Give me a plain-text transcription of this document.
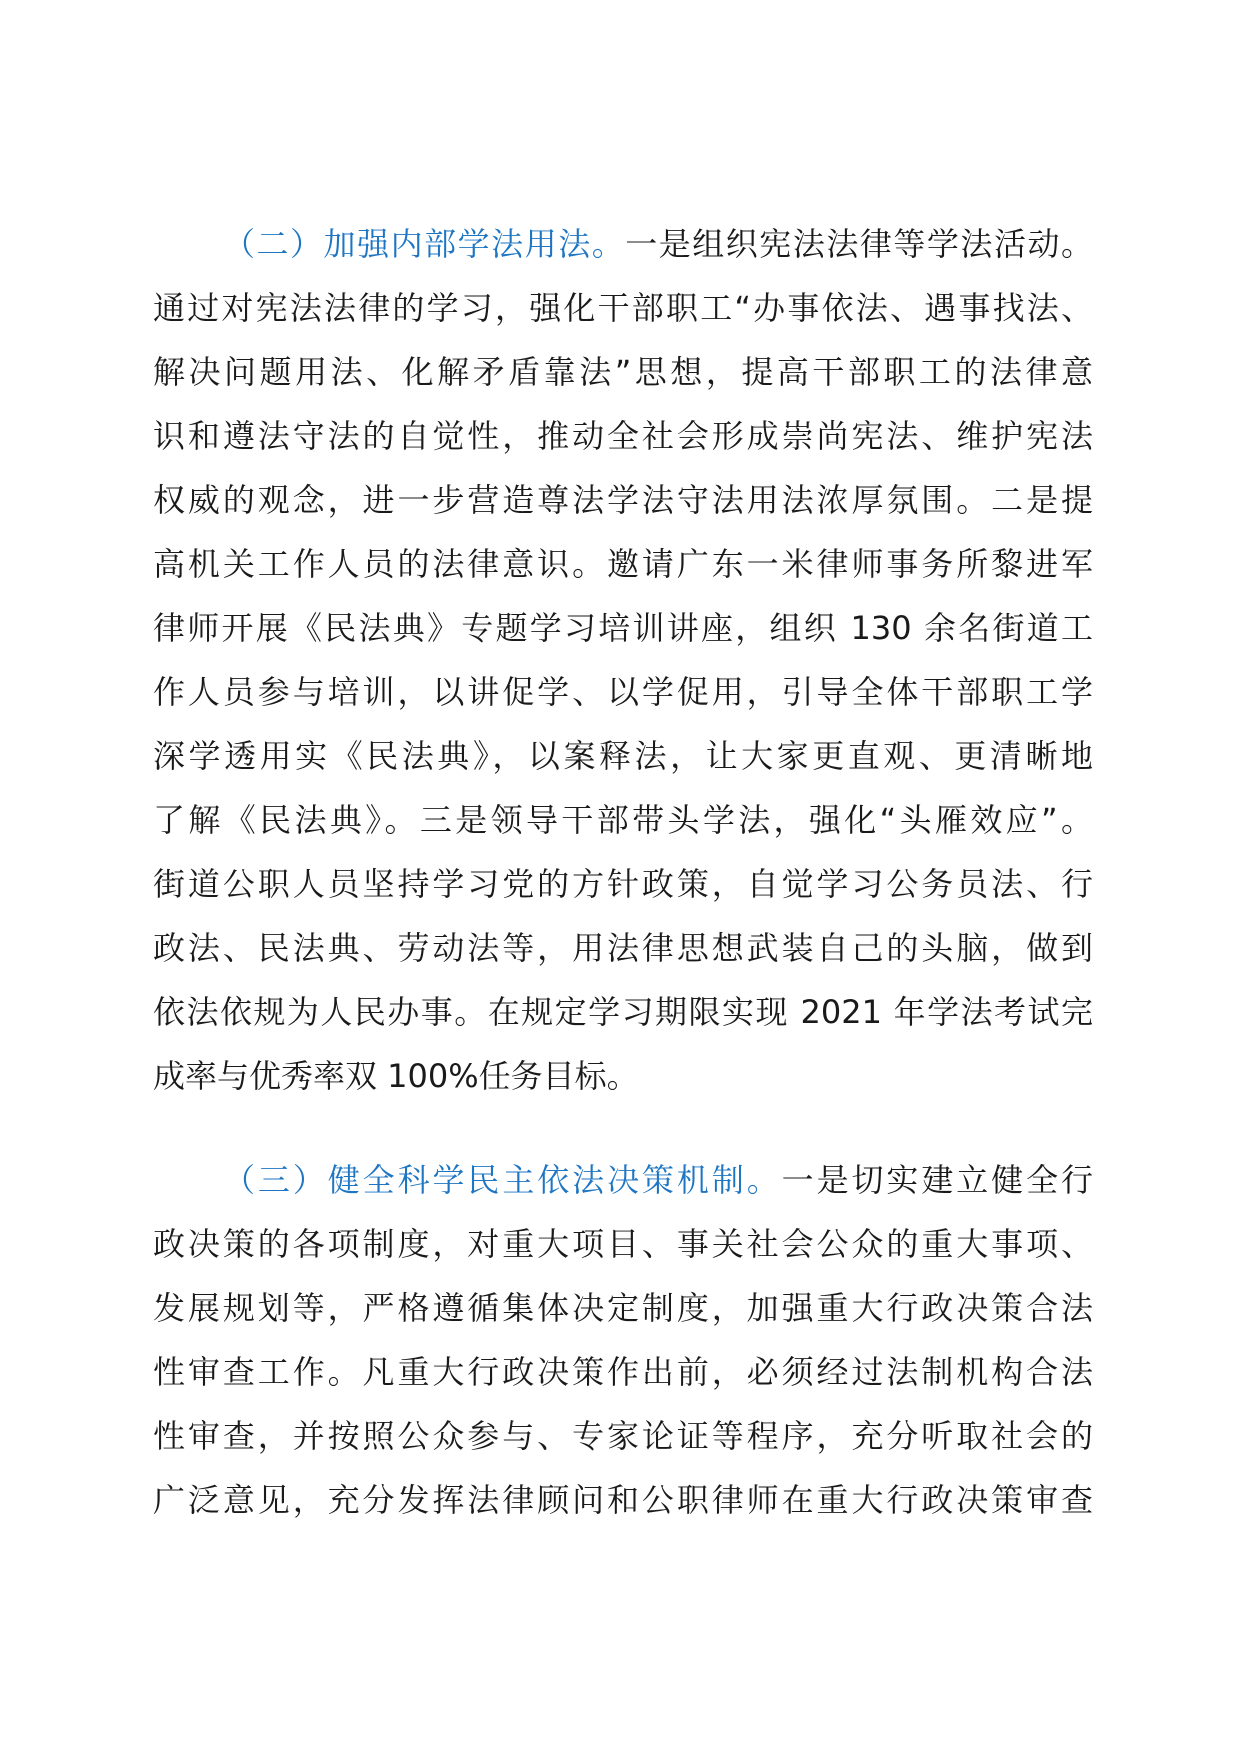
（二）加强内部学法用法。一是组织宪法法律等学法活动。
通过对宪法法律的学习，强化干部职工“办事依法、遇事找法、
解决问题用法、化解矛盾靠法”思想，提高干部职工的法律意
识和遵法守法的自觉性，推动全社会形成崇尚宪法、维护宪法
权威的观念，进一步营造尊法学法守法用法浓厚氛围。二是提
高机关工作人员的法律意识。邀请广东一米律师事务所黎进军
律师开展《民法典》专题学习培训讲座，组织 130 余名街道工
作人员参与培训，以讲促学、以学促用，引导全体干部职工学
深学透用实《民法典》，以案释法，让大家更直观、更清晰地
了解《民法典》。三是领导干部带头学法，强化“头雁效应”。
街道公职人员坚持学习党的方针政策，自觉学习公务员法、行
政法、民法典、劳动法等，用法律思想武装自己的头脑，做到
依法依规为人民办事。在规定学习期限实现 2021 年学法考试完
成率与优秀率双 100%任务目标。
（三）健全科学民主依法决策机制。一是切实建立健全行
政决策的各项制度，对重大项目、事关社会公众的重大事项、
发展规划等，严格遵循集体决定制度，加强重大行政决策合法
性审查工作。凡重大行政决策作出前，必须经过法制机构合法
性审查，并按照公众参与、专家论证等程序，充分听取社会的
广泛意见，充分发挥法律顾问和公职律师在重大行政决策审查
